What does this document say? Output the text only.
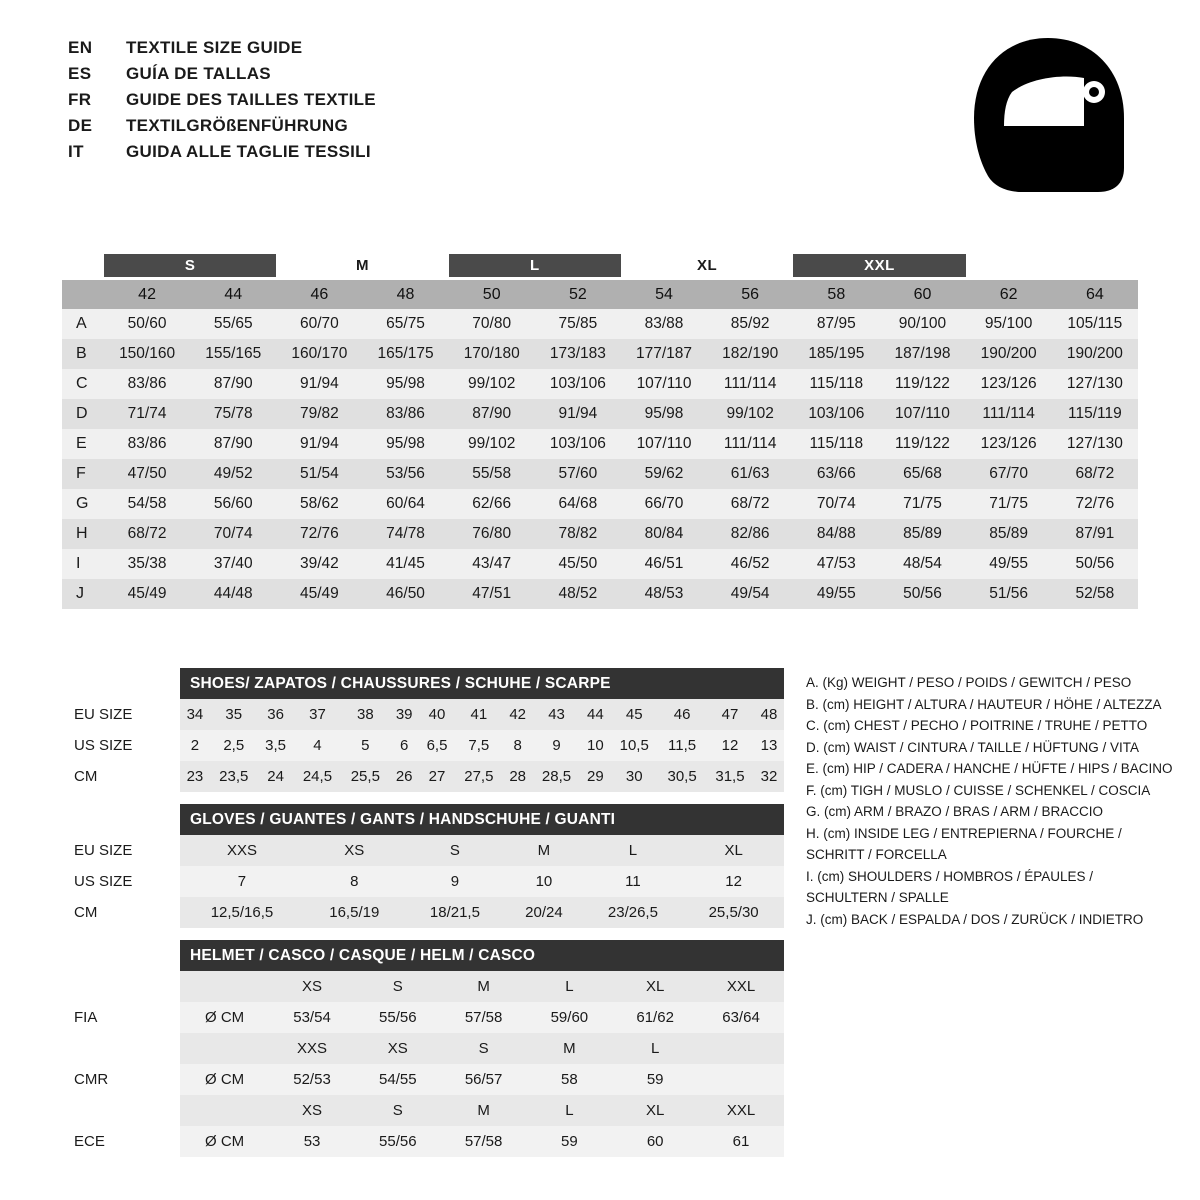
EN	TEXTILE SIZE GUIDE
ES	GUÍA DE TALLAS
FR	GUIDE DES TAILLES TEXTILE
DE	TEXTILGRÖßENFÜHRUNG
IT	GUIDA ALLE TAGLIE TESSILI

	S		M		L		XL		XXL			

	42	44	46	48	50	52	54	56	58	60	62	64
A	50/60	55/65	60/70	65/75	70/80	75/85	83/88	85/92	87/95	90/100	95/100	105/115
B	150/160	155/165	160/170	165/175	170/180	173/183	177/187	182/190	185/195	187/198	190/200	190/200
C	83/86	87/90	91/94	95/98	99/102	103/106	107/110	111/114	115/118	119/122	123/126	127/130
D	71/74	75/78	79/82	83/86	87/90	91/94	95/98	99/102	103/106	107/110	111/114	115/119
E	83/86	87/90	91/94	95/98	99/102	103/106	107/110	111/114	115/118	119/122	123/126	127/130
F	47/50	49/52	51/54	53/56	55/58	57/60	59/62	61/63	63/66	65/68	67/70	68/72
G	54/58	56/60	58/62	60/64	62/66	64/68	66/70	68/72	70/74	71/75	71/75	72/76
H	68/72	70/74	72/76	74/78	76/80	78/82	80/84	82/86	84/88	85/89	85/89	87/91
I	35/38	37/40	39/42	41/45	43/47	45/50	46/51	46/52	47/53	48/54	49/55	50/56
J	45/49	44/48	45/49	46/50	47/51	48/52	48/53	49/54	49/55	50/56	51/56	52/58
	SHOES/ ZAPATOS / CHAUSSURES / SCHUHE / SCARPE														
EU SIZE	34	35	36	37	38	39	40	41	42	43	44	45	46	47	48
US SIZE	2	2,5	3,5	4	5	6	6,5	7,5	8	9	10	10,5	11,5	12	13
CM	23	23,5	24	24,5	25,5	26	27	27,5	28	28,5	29	30	30,5	31,5	32
	GLOVES / GUANTES / GANTS / HANDSCHUHE / GUANTI					
EU SIZE	XXS	XS	S	M	L	XL
US SIZE	7	8	9	10	11	12
CM	12,5/16,5	16,5/19	18/21,5	20/24	23/26,5	25,5/30
	HELMET / CASCO / CASQUE / HELM / CASCO						
		XS	S	M	L	XL	XXL
FIA	Ø CM	53/54	55/56	57/58	59/60	61/62	63/64
		XXS	XS	S	M	L	
CMR	Ø CM	52/53	54/55	56/57	58	59	
		XS	S	M	L	XL	XXL
ECE	Ø CM	53	55/56	57/58	59	60	61
A. (Kg) WEIGHT / PESO / POIDS / GEWITCH / PESO
B. (cm) HEIGHT / ALTURA / HAUTEUR / HÖHE / ALTEZZA
C. (cm) CHEST / PECHO / POITRINE / TRUHE / PETTO
D. (cm) WAIST / CINTURA / TAILLE / HÜFTUNG / VITA
E. (cm) HIP / CADERA / HANCHE / HÜFTE / HIPS / BACINO
F. (cm) TIGH / MUSLO / CUISSE / SCHENKEL / COSCIA
G. (cm) ARM / BRAZO / BRAS / ARM / BRACCIO
H. (cm) INSIDE LEG / ENTREPIERNA / FOURCHE /
SCHRITT / FORCELLA
I. (cm) SHOULDERS / HOMBROS / ÉPAULES /
SCHULTERN / SPALLE
J. (cm) BACK / ESPALDA / DOS / ZURÜCK / INDIETRO
